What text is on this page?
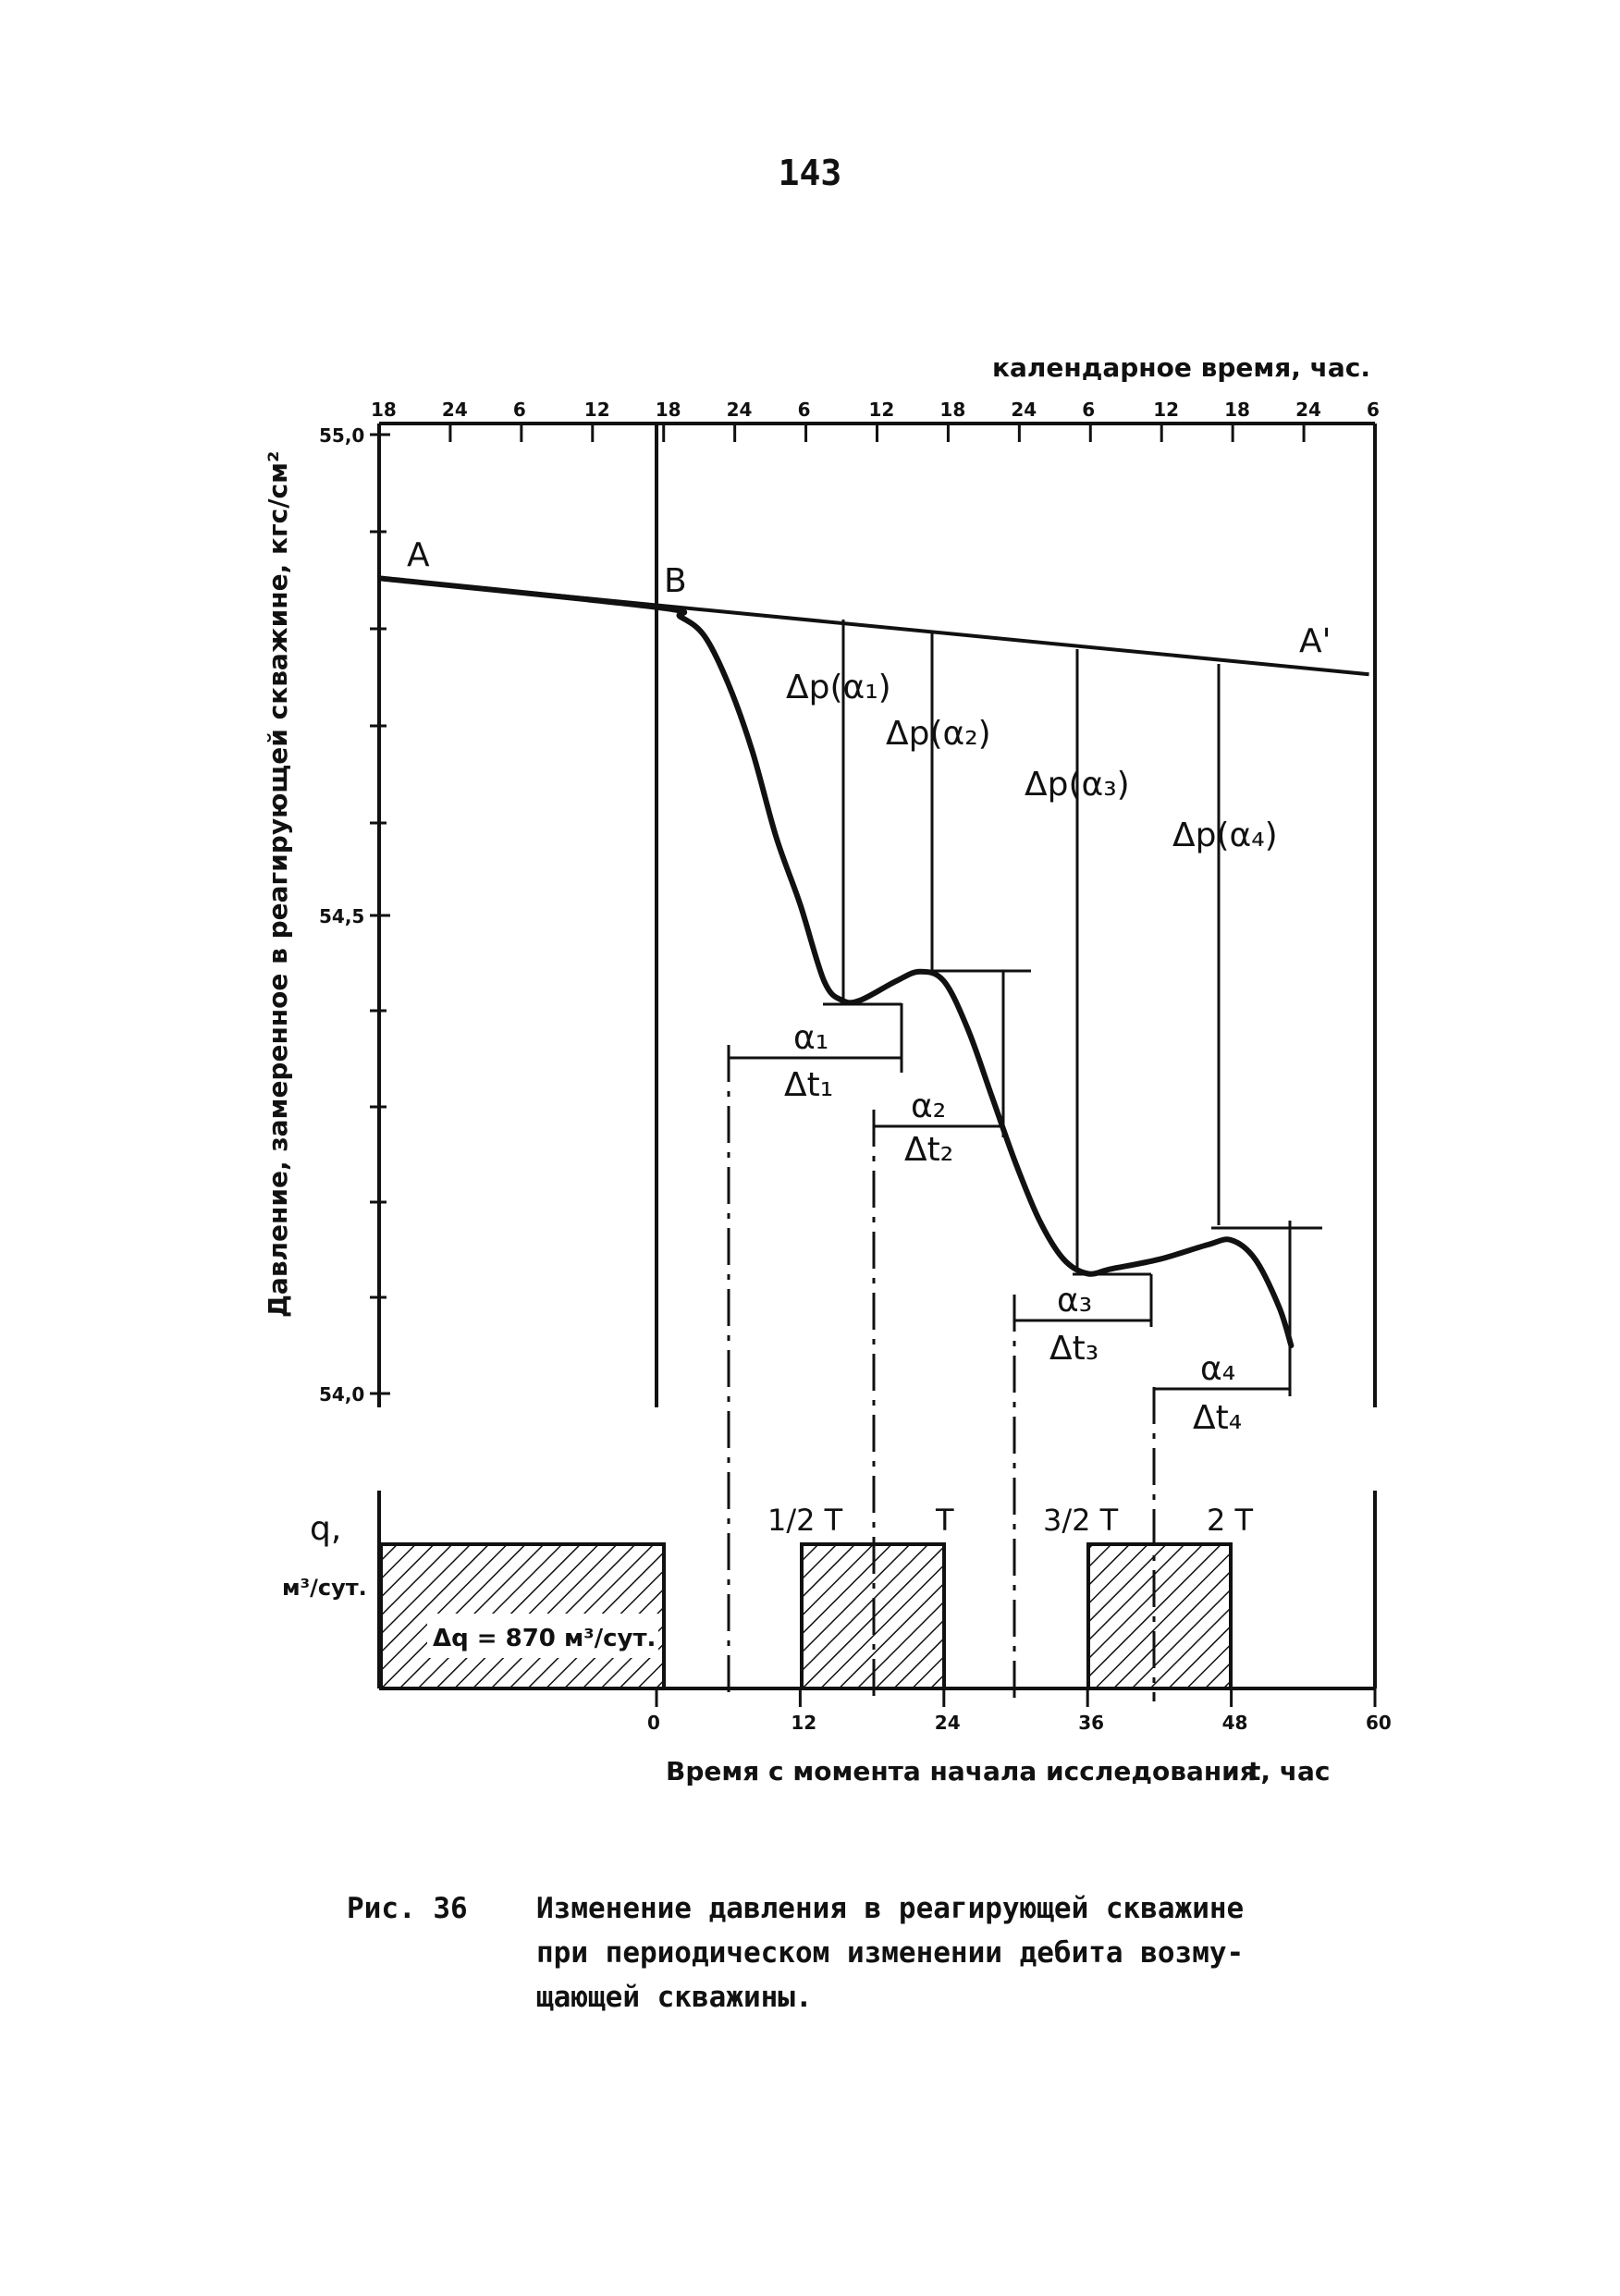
143
18 24 6	12 18 24 6	12 18 24 6	12 18 24 6
календарное время, час.
55,0
54,5
54,0
Давление, замеренное в реагирующей скважине, кгс/см²	A
B
A'
Δp(α₁)
Δp(α₂)
Δp(α₃)
Δp(α₄)
α₁
Δt₁
α₂
Δt₂
α₃
Δt₃
α₄
Δt₄
Δq = 870 м³/сут.
q,
м³/сут.
1/2 T	T	3/2 T	2 T
0	12	24	36	48	60
Время с момента начала исследования
t, час
Рис. 36 Изменение давления в реагирующей скважине
при периодическом изменении дебита возму-
щающей скважины.
